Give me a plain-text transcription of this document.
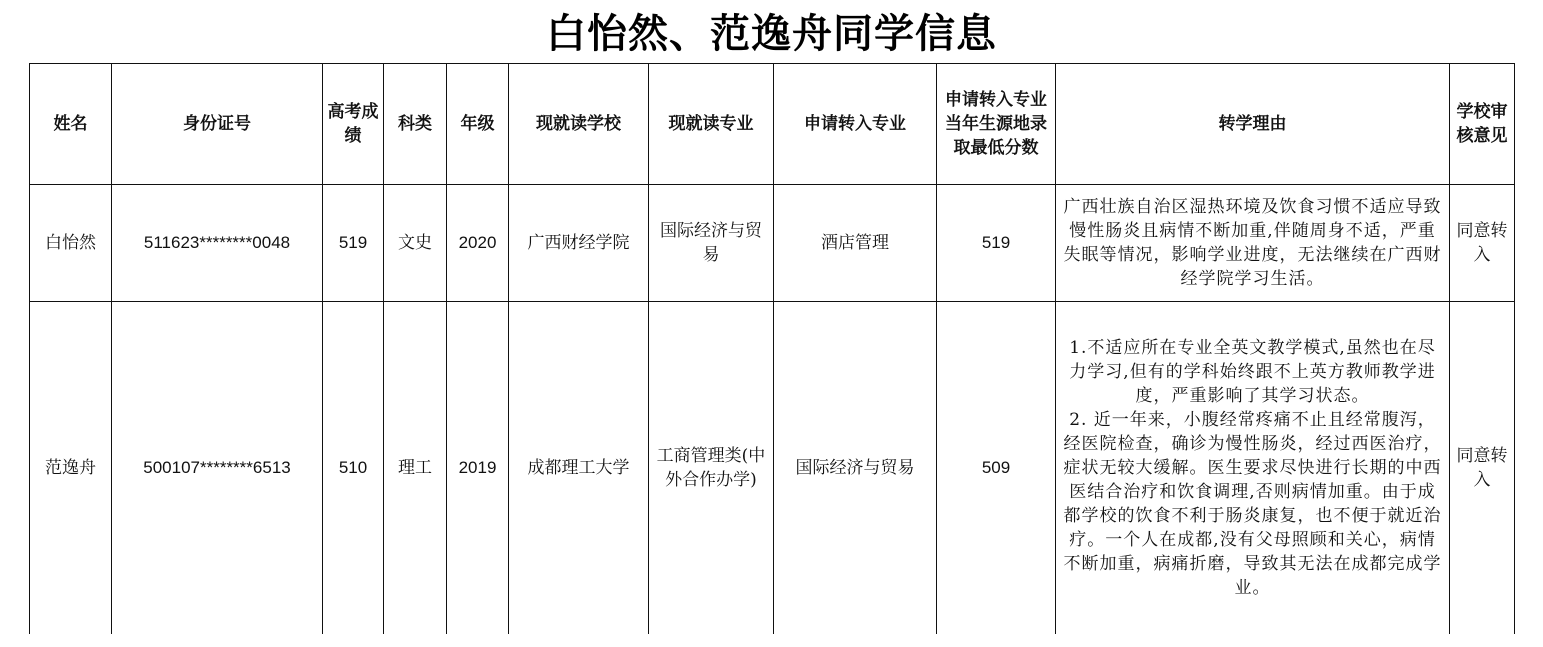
白怡然、范逸舟同学信息
姓名	身份证号	高考成绩	科类	年级	现就读学校	现就读专业	申请转入专业	申请转入专业当年生源地录取最低分数	转学理由	学校审核意见
白怡然	511623********0048	519	文史	2020	广西财经学院	国际经济与贸易	酒店管理	519	广西壮族自治区湿热环境及饮食习惯不适应导致慢性肠炎且病情不断加重,伴随周身不适，严重失眠等情况，影响学业进度，无法继续在广西财经学院学习生活。	同意转入
范逸舟	500107********6513	510	理工	2019	成都理工大学	工商管理类(中外合作办学)	国际经济与贸易	509	1.不适应所在专业全英文教学模式,虽然也在尽力学习,但有的学科始终跟不上英方教师教学进度，严重影响了其学习状态。
2. 近一年来，小腹经常疼痛不止且经常腹泻，经医院检查，确诊为慢性肠炎，经过西医治疗，症状无较大缓解。医生要求尽快进行长期的中西医结合治疗和饮食调理,否则病情加重。由于成都学校的饮食不利于肠炎康复，也不便于就近治疗。一个人在成都,没有父母照顾和关心，病情不断加重，病痛折磨，导致其无法在成都完成学业。	同意转入
